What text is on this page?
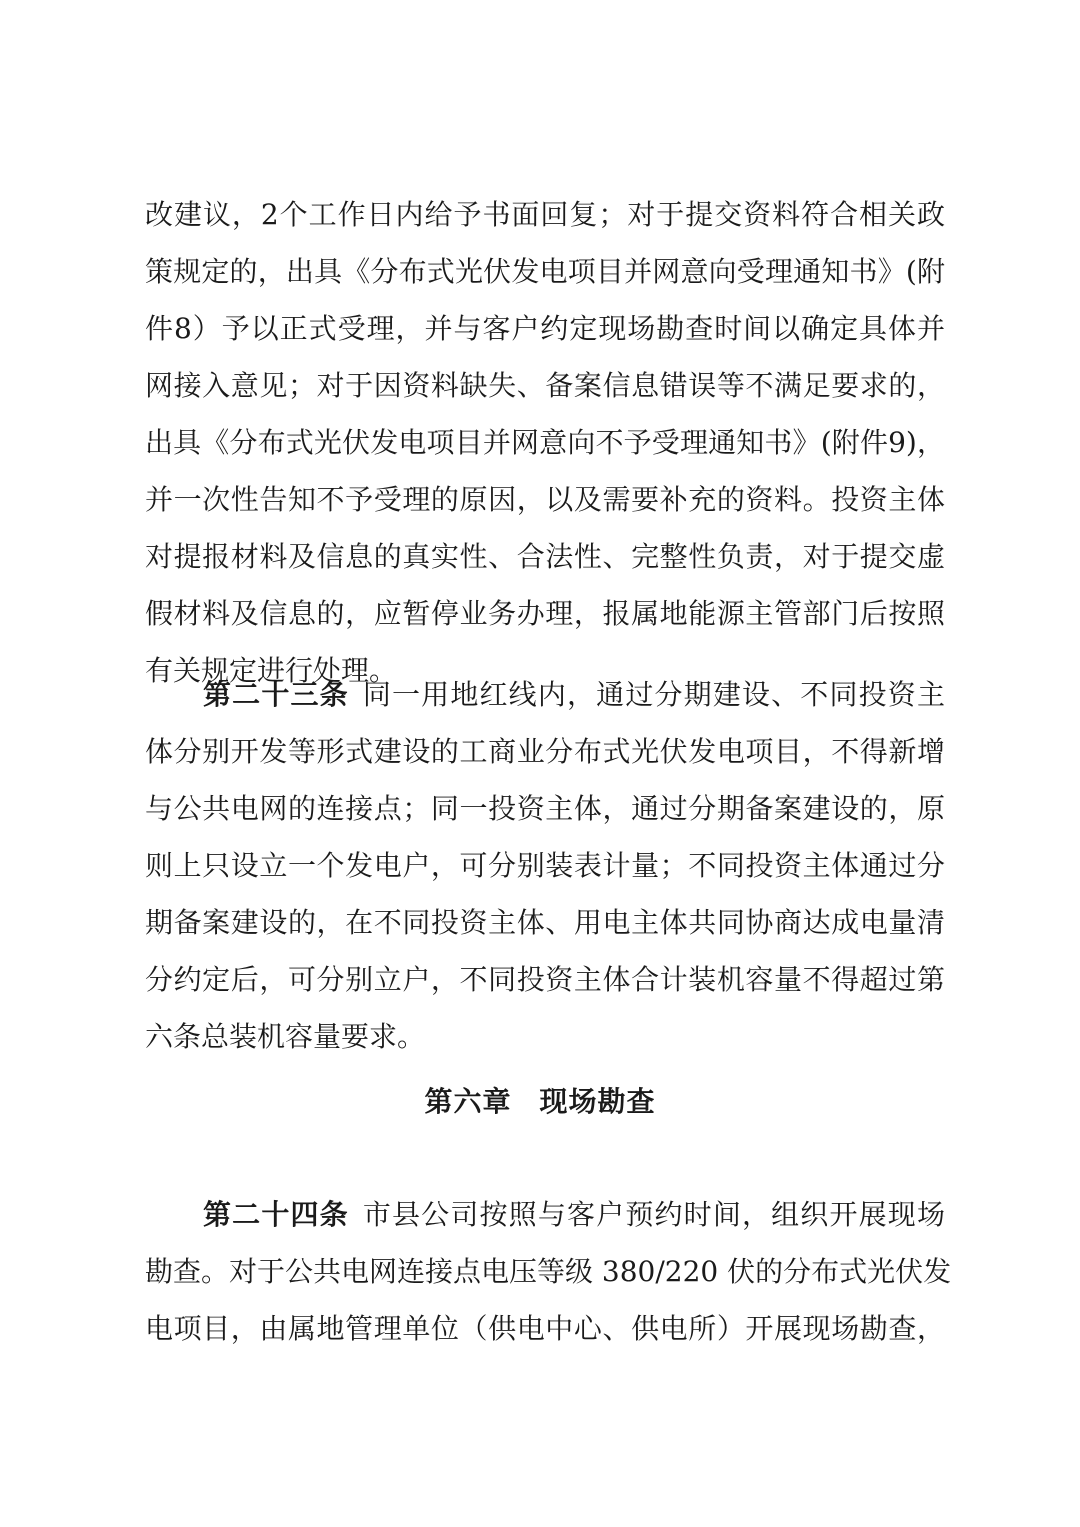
改建议，2个工作日内给予书面回复；对于提交资料符合相关政
策规定的，出具《分布式光伏发电项目并网意向受理通知书》(附
件8）予以正式受理，并与客户约定现场勘查时间以确定具体并
网接入意见；对于因资料缺失、备案信息错误等不满足要求的，
出具《分布式光伏发电项目并网意向不予受理通知书》(附件9)，
并一次性告知不予受理的原因，以及需要补充的资料。投资主体
对提报材料及信息的真实性、合法性、完整性负责，对于提交虚
假材料及信息的，应暂停业务办理，报属地能源主管部门后按照
有关规定进行处理。
第二十三条 同一用地红线内，通过分期建设、不同投资主
体分别开发等形式建设的工商业分布式光伏发电项目，不得新增
与公共电网的连接点；同一投资主体，通过分期备案建设的，原
则上只设立一个发电户，可分别装表计量；不同投资主体通过分
期备案建设的，在不同投资主体、用电主体共同协商达成电量清
分约定后，可分别立户，不同投资主体合计装机容量不得超过第
六条总装机容量要求。
第六章 现场勘查
第二十四条 市县公司按照与客户预约时间，组织开展现场
勘查。对于公共电网连接点电压等级 380/220 伏的分布式光伏发
电项目，由属地管理单位（供电中心、供电所）开展现场勘查，
